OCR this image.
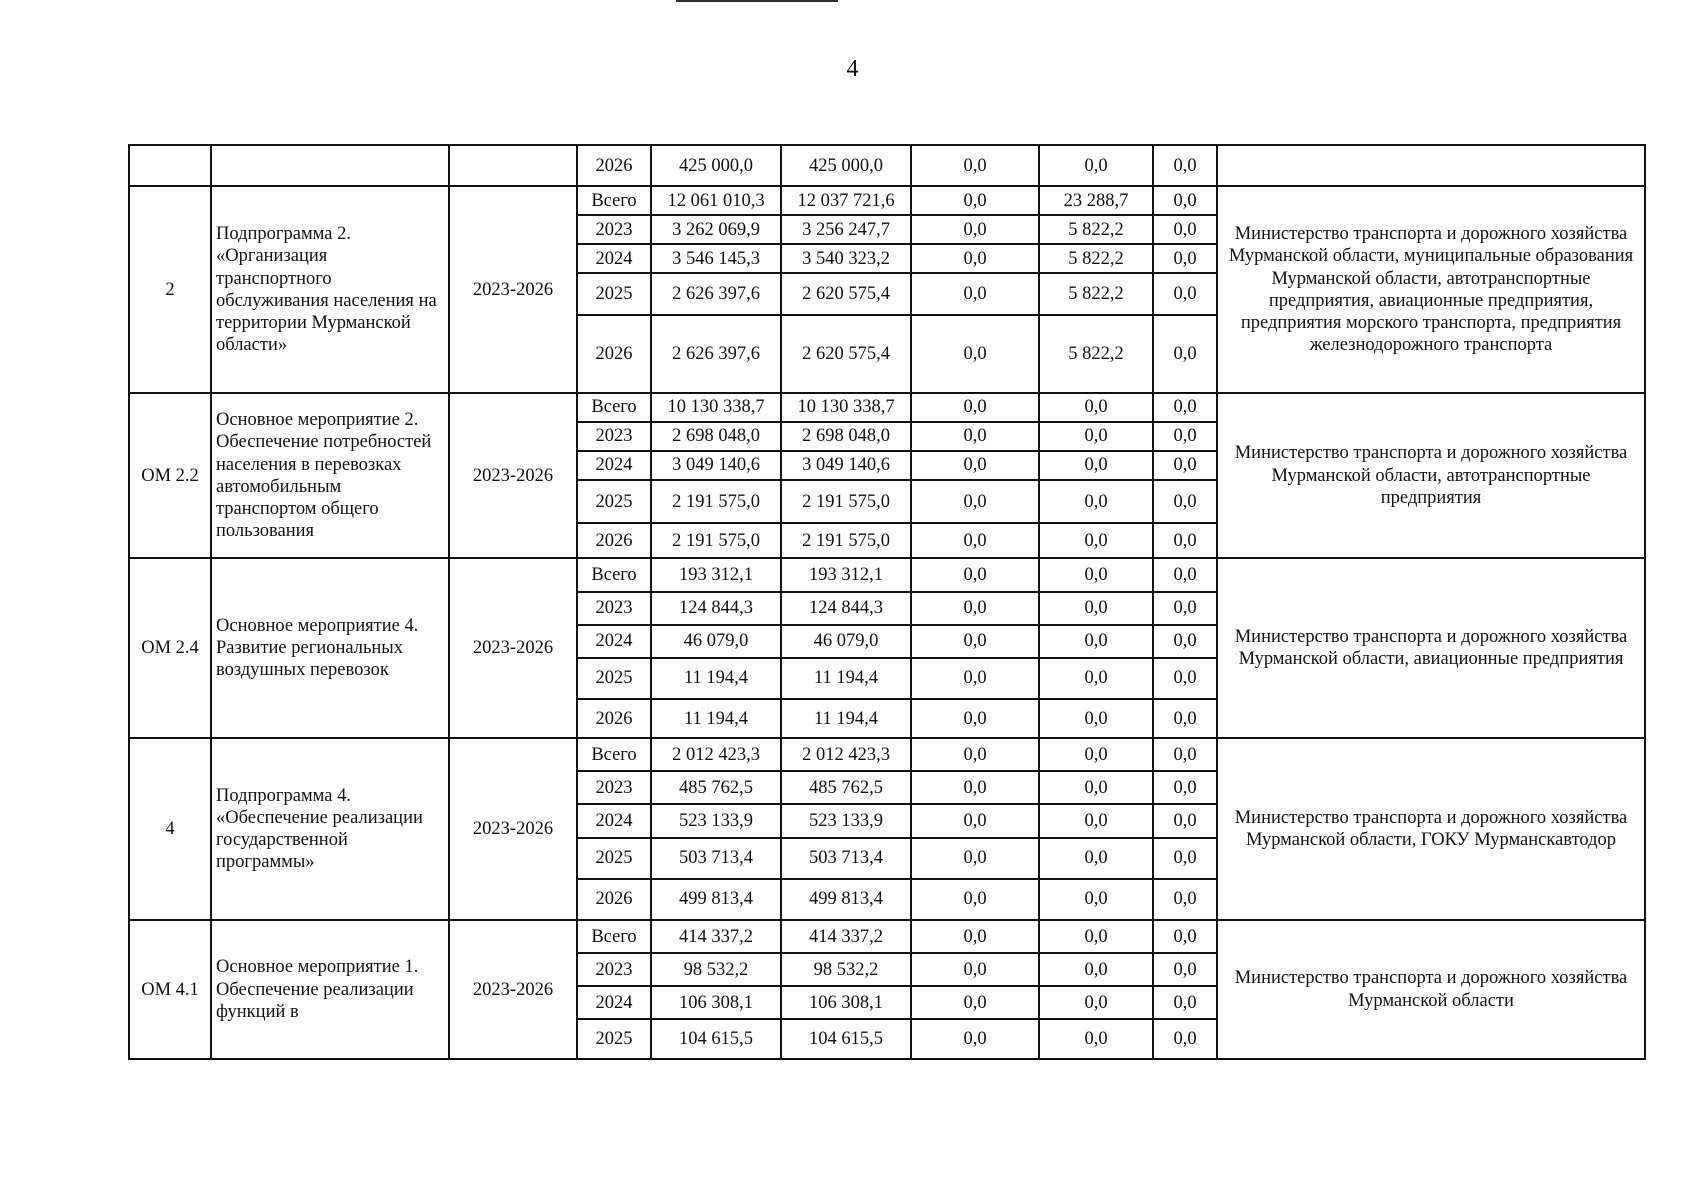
4
			2026	425 000,0	425 000,0	0,0	0,0	0,0	
2	Подпрограмма 2. «Организация транспортного обслуживания населения на территории Мурманской области»	2023-2026	Всего	12 061 010,3	12 037 721,6	0,0	23 288,7	0,0	Министерство транспорта и дорожного хозяйства Мурманской области, муниципальные образования Мурманской области, автотранспортные предприятия, авиационные предприятия, предприятия морского транспорта, предприятия железнодорожного транспорта
			2023	3 262 069,9	3 256 247,7	0,0	5 822,2	0,0	
			2024	3 546 145,3	3 540 323,2	0,0	5 822,2	0,0	
			2025	2 626 397,6	2 620 575,4	0,0	5 822,2	0,0	
			2026	2 626 397,6	2 620 575,4	0,0	5 822,2	0,0	
ОМ 2.2	Основное мероприятие 2. Обеспечение потребностей населения в перевозках автомобильным транспортом общего пользования	2023-2026	Всего	10 130 338,7	10 130 338,7	0,0	0,0	0,0	Министерство транспорта и дорожного хозяйства Мурманской области, автотранспортные предприятия
			2023	2 698 048,0	2 698 048,0	0,0	0,0	0,0	
			2024	3 049 140,6	3 049 140,6	0,0	0,0	0,0	
			2025	2 191 575,0	2 191 575,0	0,0	0,0	0,0	
			2026	2 191 575,0	2 191 575,0	0,0	0,0	0,0	
ОМ 2.4	Основное мероприятие 4. Развитие региональных воздушных перевозок	2023-2026	Всего	193 312,1	193 312,1	0,0	0,0	0,0	Министерство транспорта и дорожного хозяйства Мурманской области, авиационные предприятия
			2023	124 844,3	124 844,3	0,0	0,0	0,0	
			2024	46 079,0	46 079,0	0,0	0,0	0,0	
			2025	11 194,4	11 194,4	0,0	0,0	0,0	
			2026	11 194,4	11 194,4	0,0	0,0	0,0	
4	Подпрограмма 4. «Обеспечение реализации государственной программы»	2023-2026	Всего	2 012 423,3	2 012 423,3	0,0	0,0	0,0	Министерство транспорта и дорожного хозяйства Мурманской области, ГОКУ Мурманскавтодор
			2023	485 762,5	485 762,5	0,0	0,0	0,0	
			2024	523 133,9	523 133,9	0,0	0,0	0,0	
			2025	503 713,4	503 713,4	0,0	0,0	0,0	
			2026	499 813,4	499 813,4	0,0	0,0	0,0	
ОМ 4.1	Основное мероприятие 1. Обеспечение реализации функций в	2023-2026	Всего	414 337,2	414 337,2	0,0	0,0	0,0	Министерство транспорта и дорожного хозяйства Мурманской области
			2023	98 532,2	98 532,2	0,0	0,0	0,0	
			2024	106 308,1	106 308,1	0,0	0,0	0,0	
			2025	104 615,5	104 615,5	0,0	0,0	0,0	
